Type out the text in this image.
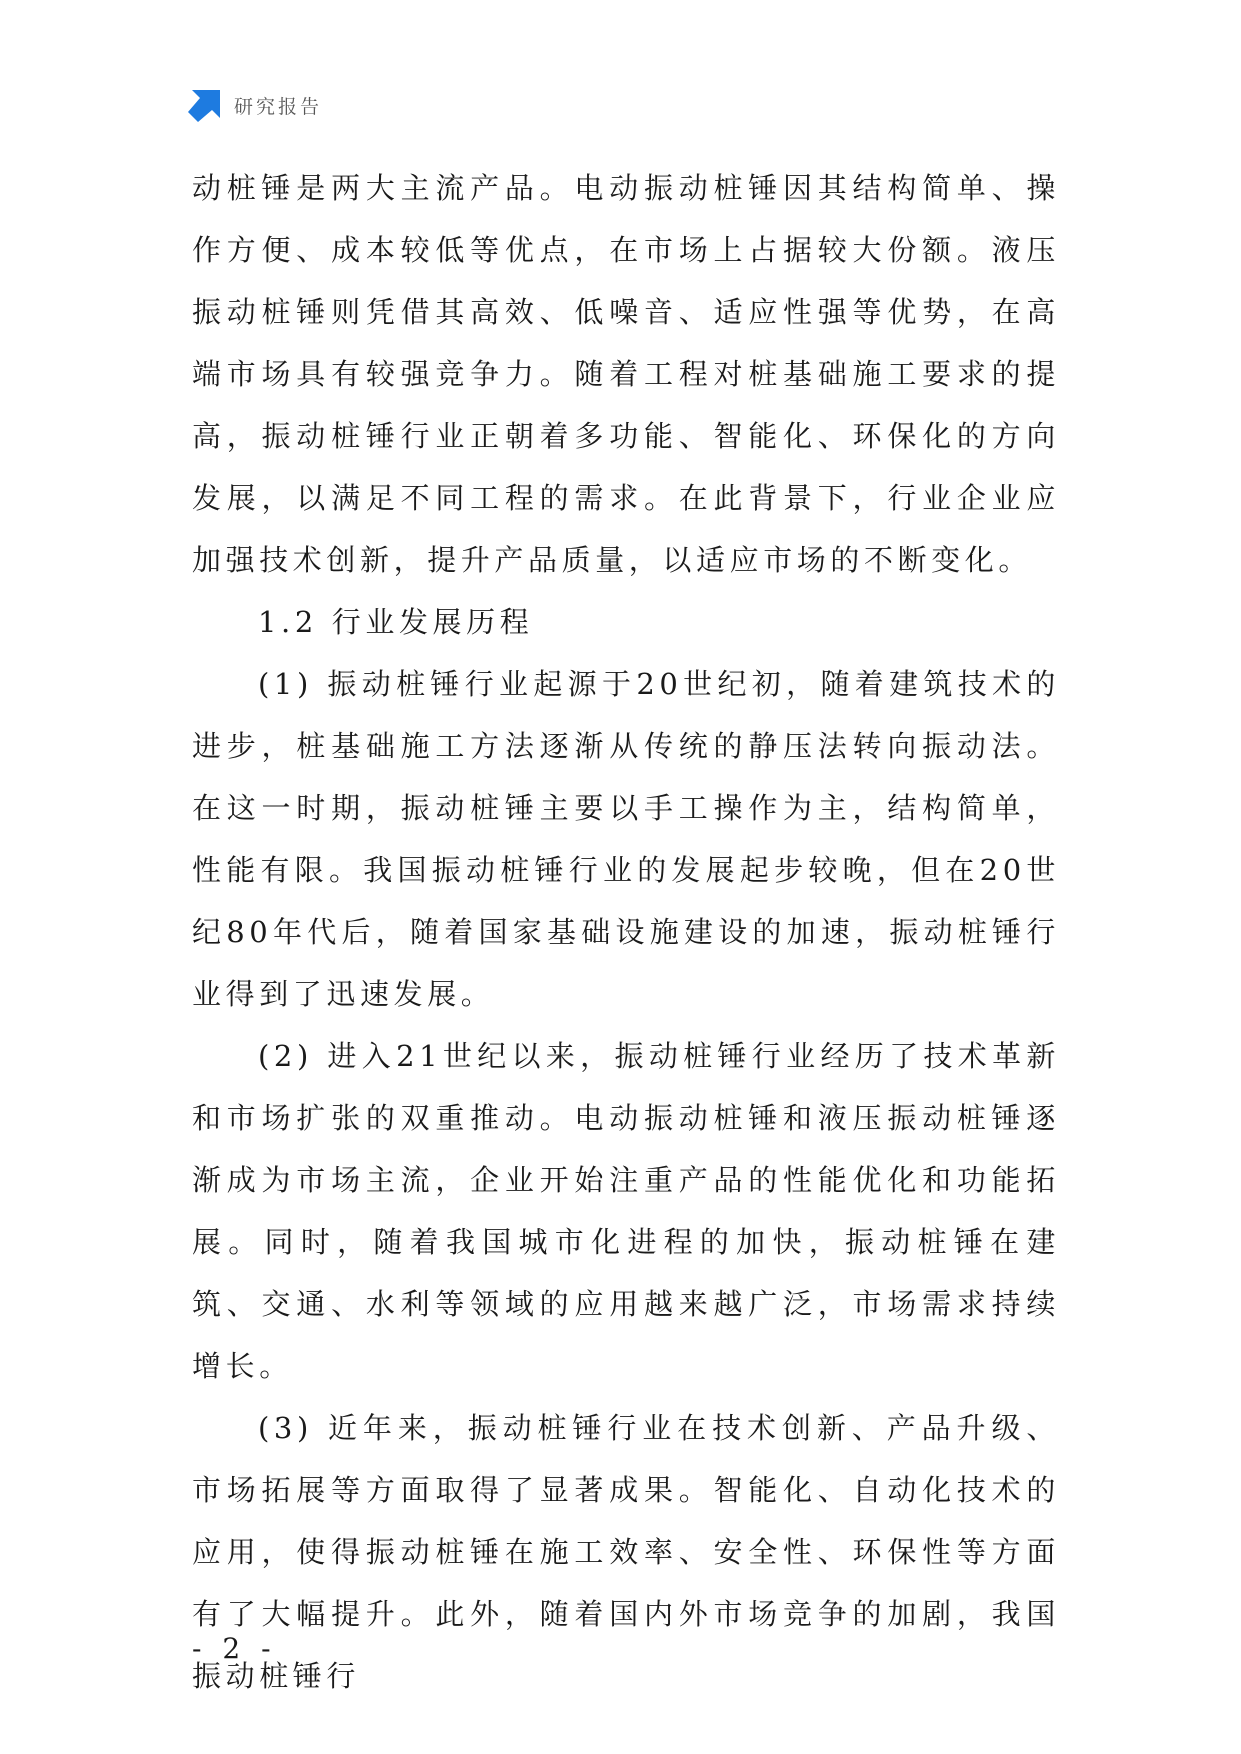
研究报告

动桩锤是两大主流产品。电动振动桩锤因其结构简单、操作方便、成本较低等优点，在市场上占据较大份额。液压振动桩锤则凭借其高效、低噪音、适应性强等优势，在高端市场具有较强竞争力。随着工程对桩基础施工要求的提高，振动桩锤行业正朝着多功能、智能化、环保化的方向发展，以满足不同工程的需求。在此背景下，行业企业应加强技术创新，提升产品质量，以适应市场的不断变化。

1.2 行业发展历程

(1) 振动桩锤行业起源于20世纪初，随着建筑技术的进步，桩基础施工方法逐渐从传统的静压法转向振动法。在这一时期，振动桩锤主要以手工操作为主，结构简单，性能有限。我国振动桩锤行业的发展起步较晚，但在20世纪80年代后，随着国家基础设施建设的加速，振动桩锤行业得到了迅速发展。

(2) 进入21世纪以来，振动桩锤行业经历了技术革新和市场扩张的双重推动。电动振动桩锤和液压振动桩锤逐渐成为市场主流，企业开始注重产品的性能优化和功能拓展。同时，随着我国城市化进程的加快，振动桩锤在建筑、交通、水利等领域的应用越来越广泛，市场需求持续增长。

(3) 近年来，振动桩锤行业在技术创新、产品升级、市场拓展等方面取得了显著成果。智能化、自动化技术的应用，使得振动桩锤在施工效率、安全性、环保性等方面有了大幅提升。此外，随着国内外市场竞争的加剧，我国振动桩锤行

- 2 -
